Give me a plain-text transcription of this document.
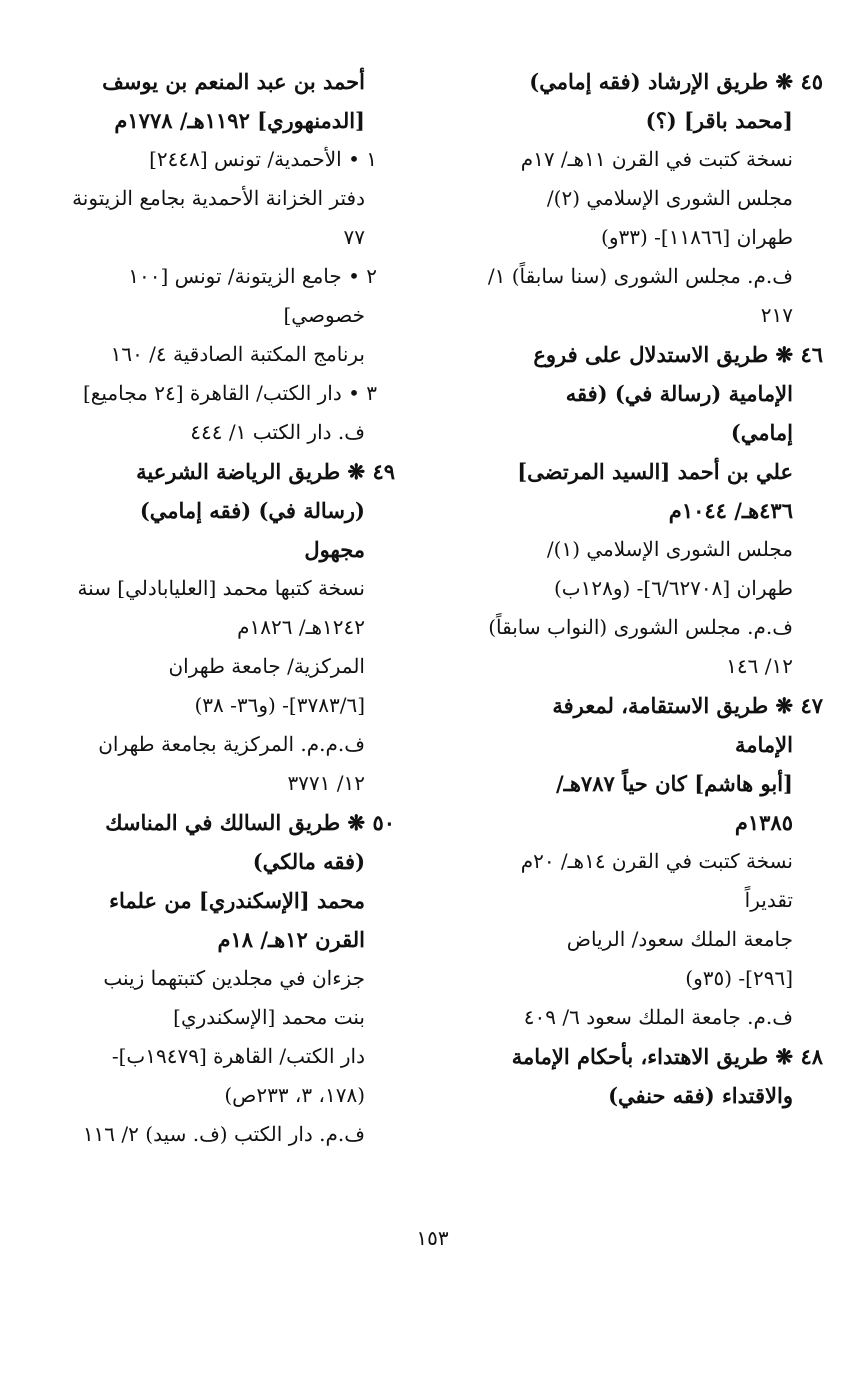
٤٥ ❋ طريق الإرشاد (فقه إمامي)
[محمد باقر] (؟)
نسخة كتبت في القرن ١١هـ/ ١٧م
مجلس الشورى الإسلامي (٢)/
طهران [١١٨٦٦]- (٣٣و)
ف.م. مجلس الشورى (سنا سابقاً) ١/
٢١٧
٤٦ ❋ طريق الاستدلال على فروع
الإمامية (رسالة في) (فقه
إمامي)
علي بن أحمد [السيد المرتضى]
٤٣٦هـ/ ١٠٤٤م
مجلس الشورى الإسلامي (١)/
طهران [٦/٦٢٧٠٨]- (و١٢٨ب)
ف.م. مجلس الشورى (النواب سابقاً)
١٢/ ١٤٦
٤٧ ❋ طريق الاستقامة، لمعرفة
الإمامة
[أبو هاشم] كان حياً ٧٨٧هـ/
١٣٨٥م
نسخة كتبت في القرن ١٤هـ/ ٢٠م
تقديراً
جامعة الملك سعود/ الرياض
[٢٩٦]- (٣٥و)
ف.م. جامعة الملك سعود ٦/ ٤٠٩
٤٨ ❋ طريق الاهتداء، بأحكام الإمامة
والاقتداء (فقه حنفي)
أحمد بن عبد المنعم بن يوسف
[الدمنهوري] ١١٩٢هـ/ ١٧٧٨م
١ • الأحمدية/ تونس [٢٤٤٨]
دفتر الخزانة الأحمدية بجامع الزيتونة
٧٧
٢ • جامع الزيتونة/ تونس [١٠٠
خصوصي]
برنامج المكتبة الصادقية ٤/ ١٦٠
٣ • دار الكتب/ القاهرة [٢٤ مجاميع]
ف. دار الكتب ١/ ٤٤٤
٤٩ ❋ طريق الرياضة الشرعية
(رسالة في) (فقه إمامي)
مجهول
نسخة كتبها محمد [العليابادلي] سنة
١٢٤٢هـ/ ١٨٢٦م
المركزية/ جامعة طهران
[٣٧٨٣/٦]- (و٣٦- ٣٨)
ف.م.م. المركزية بجامعة طهران
١٢/ ٣٧٧١
٥٠ ❋ طريق السالك في المناسك
(فقه مالكي)
محمد [الإسكندري] من علماء
القرن ١٢هـ/ ١٨م
جزءان في مجلدين كتبتهما زينب
بنت محمد [الإسكندري]
دار الكتب/ القاهرة [١٩٤٧٩ب]-
(١٧٨، ٣، ٢٣٣ص)
ف.م. دار الكتب (ف. سيد) ٢/ ١١٦
١٥٣
